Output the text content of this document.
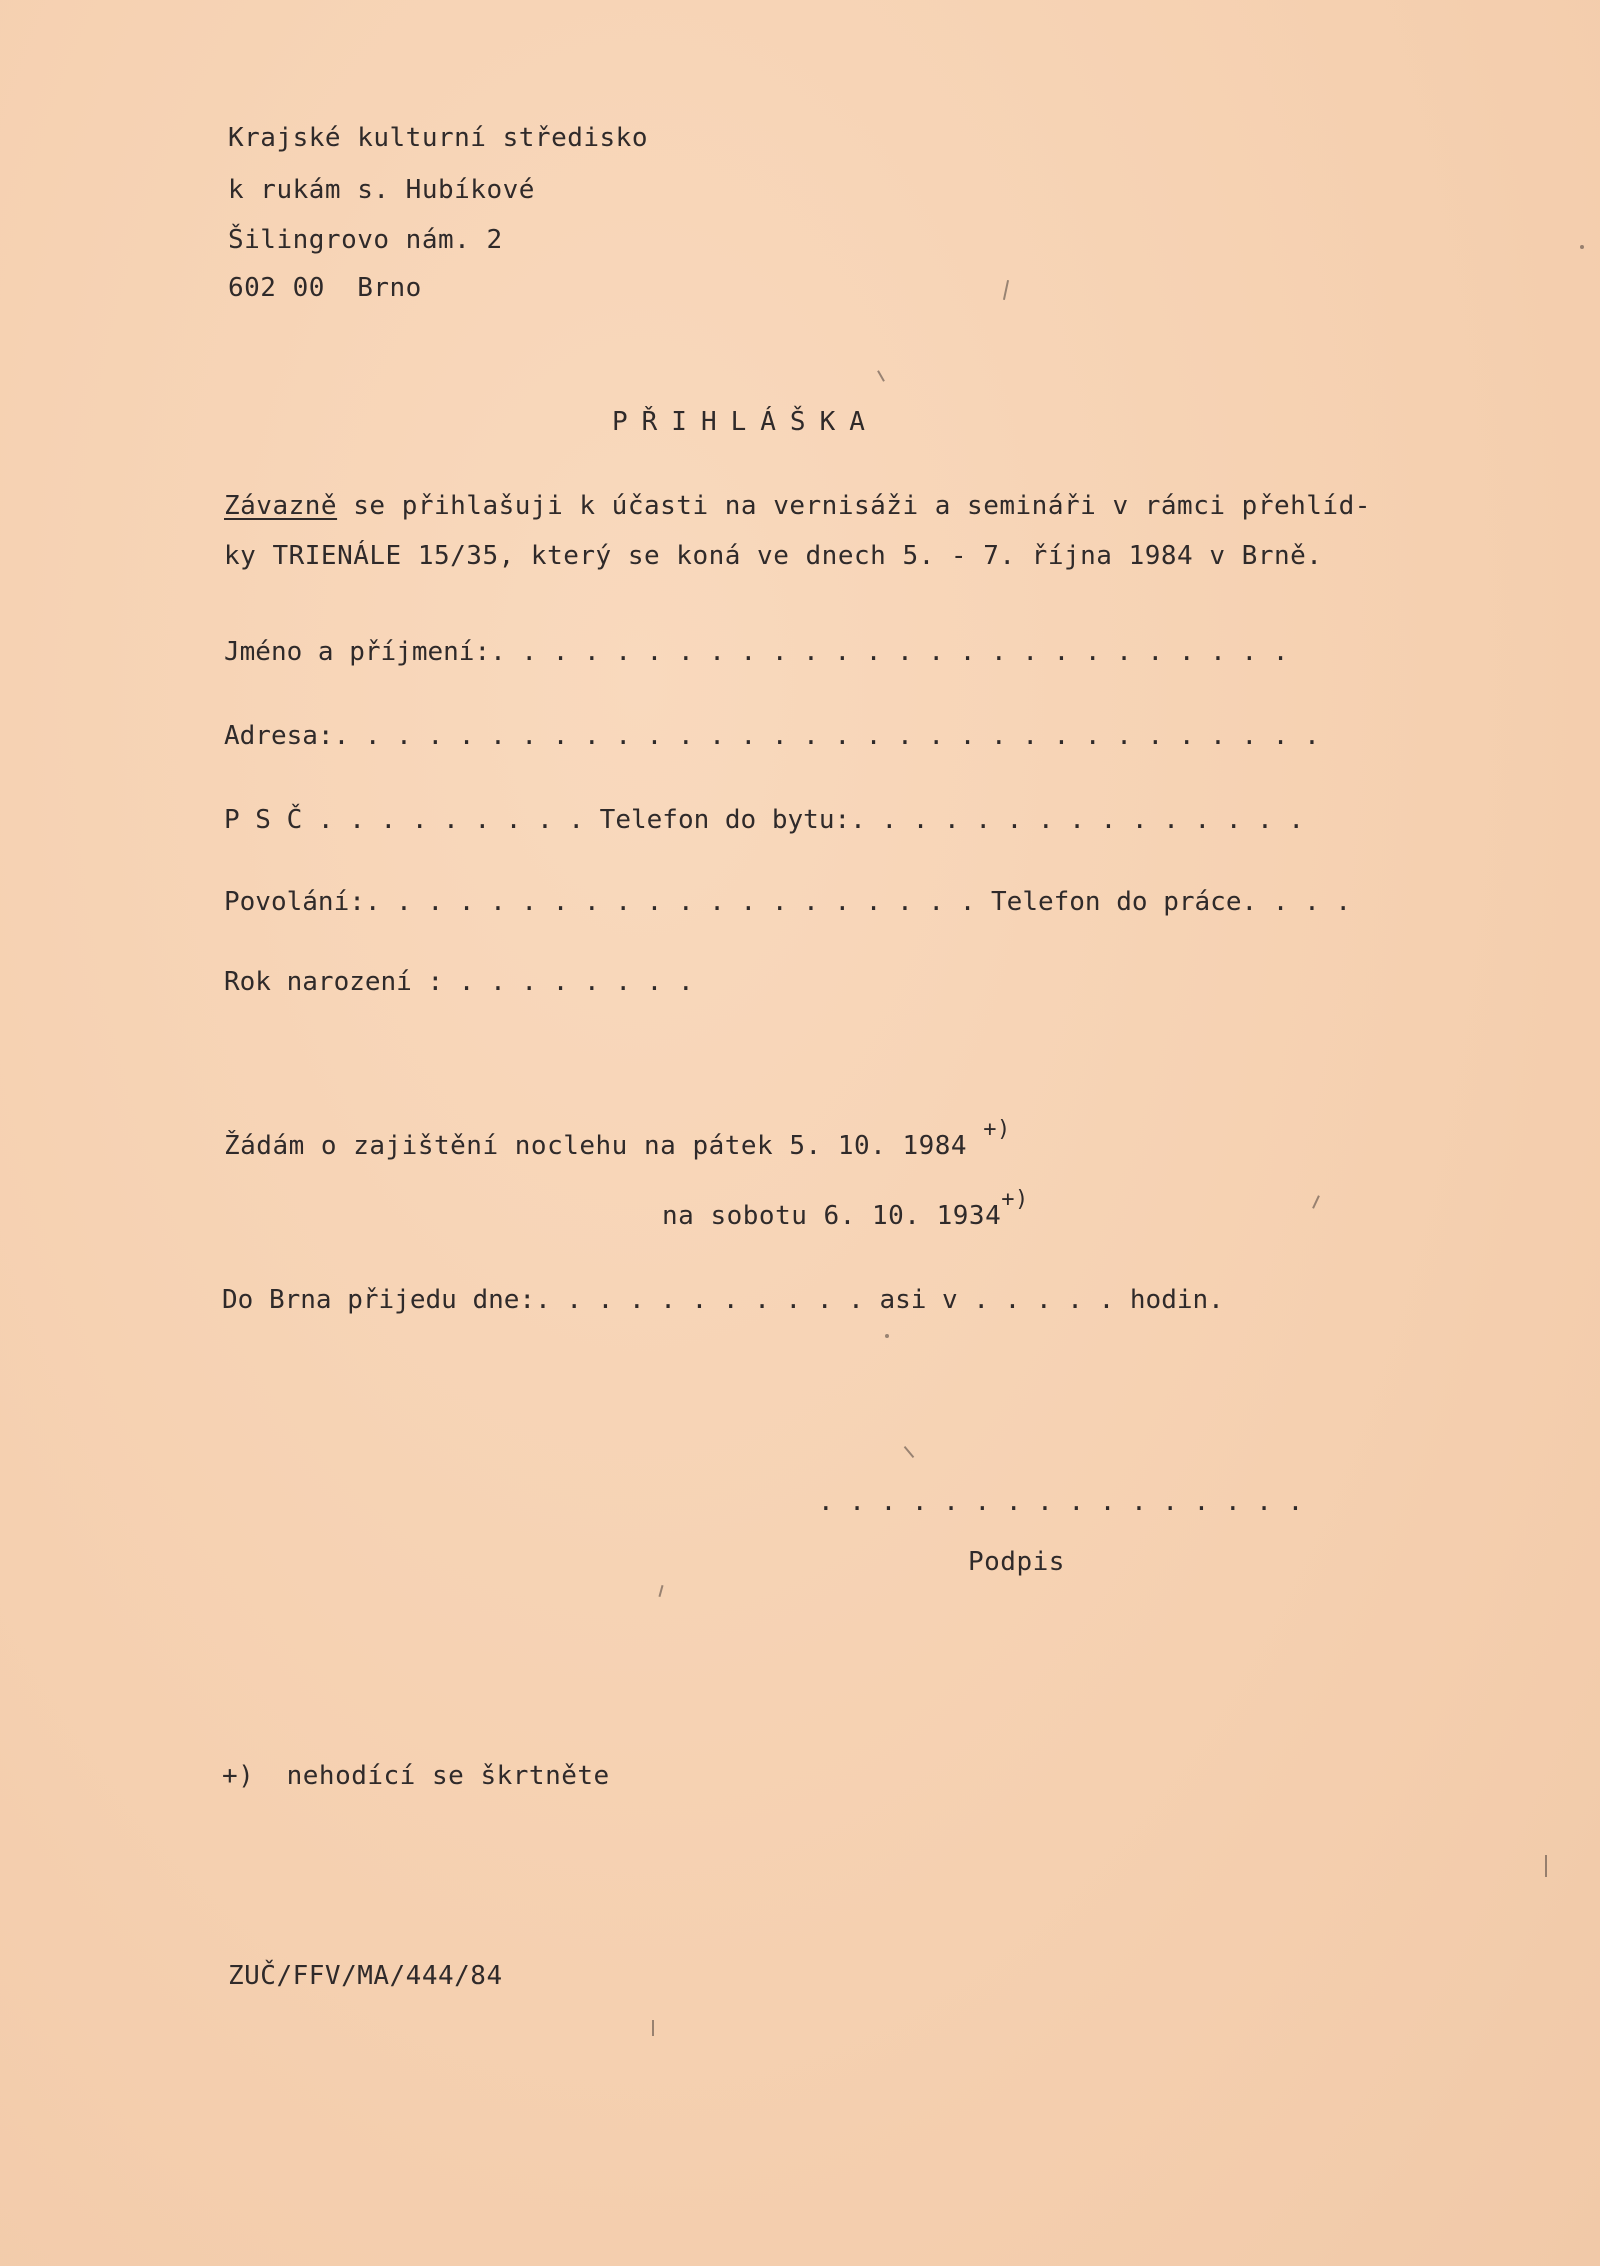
Krajské kulturní středisko
k rukám s. Hubíkové
Šilingrovo nám. 2
602 00  Brno
PŘIHLÁŠKA
Závazně se přihlašuji k účasti na vernisáži a semináři v rámci přehlíd-
ky TRIENÁLE 15/35, který se koná ve dnech 5. - 7. října 1984 v Brně.
Jméno a příjmení:. . . . . . . . . . . . . . . . . . . . . . . . . .
Adresa:. . . . . . . . . . . . . . . . . . . . . . . . . . . . . . . .
P S Č . . . . . . . . . Telefon do bytu:. . . . . . . . . . . . . . .
Povolání:. . . . . . . . . . . . . . . . . . . . Telefon do práce. . . .
Rok narození : . . . . . . . .
Žádám o zajištění noclehu na pátek 5. 10. 1984 +)
na sobotu 6. 10. 1934+)
Do Brna přijedu dne:. . . . . . . . . . . asi v . . . . . hodin.
. . . . . . . . . . . . . . . .
Podpis
+)  nehodící se škrtněte
ZUČ/FFV/MA/444/84
